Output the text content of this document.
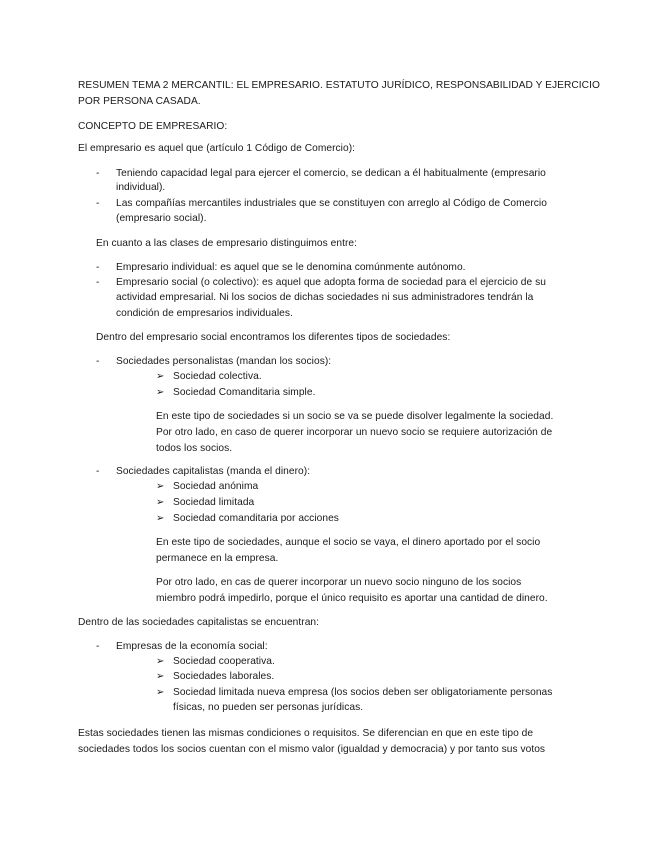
RESUMEN TEMA 2 MERCANTIL: EL EMPRESARIO. ESTATUTO JURÍDICO, RESPONSABILIDAD Y EJERCICIO
POR PERSONA CASADA.
CONCEPTO DE EMPRESARIO:
El empresario es aquel que (artículo 1 Código de Comercio):
- Teniendo capacidad legal para ejercer el comercio, se dedican a él habitualmente (empresario
individual).
- Las compañías mercantiles industriales que se constituyen con arreglo al Código de Comercio
(empresario social).
En cuanto a las clases de empresario distinguimos entre:
- Empresario individual: es aquel que se le denomina comúnmente autónomo.
- Empresario social (o colectivo): es aquel que adopta forma de sociedad para el ejercicio de su
actividad empresarial. Ni los socios de dichas sociedades ni sus administradores tendrán la
condición de empresarios individuales.
Dentro del empresario social encontramos los diferentes tipos de sociedades:
- Sociedades personalistas (mandan los socios):
➢ Sociedad colectiva.
➢ Sociedad Comanditaria simple.
En este tipo de sociedades si un socio se va se puede disolver legalmente la sociedad.
Por otro lado, en caso de querer incorporar un nuevo socio se requiere autorización de
todos los socios.
- Sociedades capitalistas (manda el dinero):
➢ Sociedad anónima
➢ Sociedad limitada
➢ Sociedad comanditaria por acciones
En este tipo de sociedades, aunque el socio se vaya, el dinero aportado por el socio
permanece en la empresa.
Por otro lado, en cas de querer incorporar un nuevo socio ninguno de los socios
miembro podrá impedirlo, porque el único requisito es aportar una cantidad de dinero.
Dentro de las sociedades capitalistas se encuentran:
- Empresas de la economía social:
➢ Sociedad cooperativa.
➢ Sociedades laborales.
➢ Sociedad limitada nueva empresa (los socios deben ser obligatoriamente personas
físicas, no pueden ser personas jurídicas.
Estas sociedades tienen las mismas condiciones o requisitos. Se diferencian en que en este tipo de
sociedades todos los socios cuentan con el mismo valor (igualdad y democracia) y por tanto sus votos
